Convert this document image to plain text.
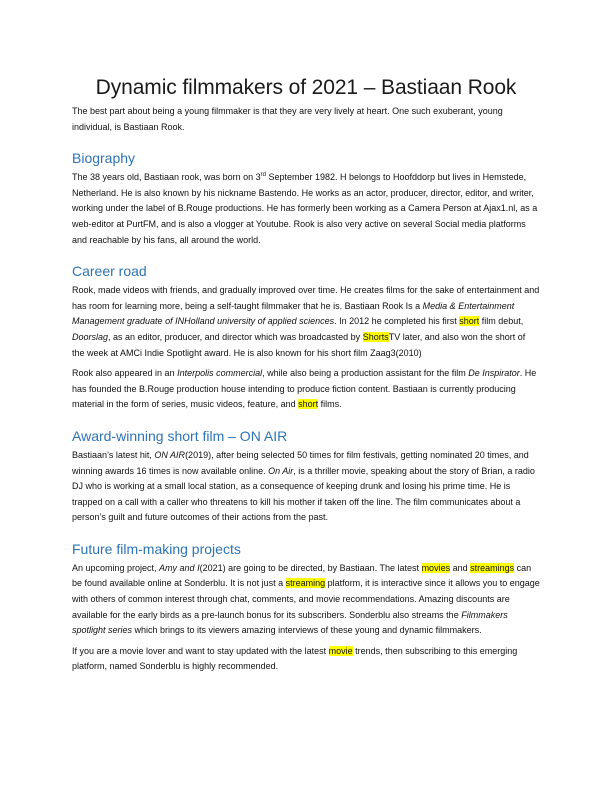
Dynamic filmmakers of 2021 – Bastiaan Rook

The best part about being a young filmmaker is that they are very lively at heart. One such exuberant, young individual, is Bastiaan Rook.

Biography

The 38 years old, Bastiaan rook, was born on 3rd September 1982. H belongs to Hoofddorp but lives in Hemstede, Netherland. He is also known by his nickname Bastendo. He works as an actor, producer, director, editor, and writer, working under the label of B.Rouge productions. He has formerly been working as a Camera Person at Ajax1.nl, as a web-editor at PurtFM, and is also a vlogger at Youtube. Rook is also very active on several Social media platforms and reachable by his fans, all around the world.

Career road

Rook, made videos with friends, and gradually improved over time. He creates films for the sake of entertainment and has room for learning more, being a self-taught filmmaker that he is. Bastiaan Rook Is a Media & Entertainment Management graduate of INHolland university of applied sciences. In 2012 he completed his first short film debut, Doorslag, as an editor, producer, and director which was broadcasted by ShortsTV later, and also won the short of the week at AMCi Indie Spotlight award. He is also known for his short film Zaag3(2010)

Rook also appeared in an Interpolis commercial, while also being a production assistant for the film De Inspirator. He has founded the B.Rouge production house intending to produce fiction content. Bastiaan is currently producing material in the form of series, music videos, feature, and short films.

Award-winning short film – ON AIR

Bastiaan’s latest hit, ON AIR(2019), after being selected 50 times for film festivals, getting nominated 20 times, and winning awards 16 times is now available online. On Air, is a thriller movie, speaking about the story of Brian, a radio DJ who is working at a small local station, as a consequence of keeping drunk and losing his prime time. He is trapped on a call with a caller who threatens to kill his mother if taken off the line. The film communicates about a person’s guilt and future outcomes of their actions from the past.

Future film-making projects

An upcoming project, Amy and I(2021) are going to be directed, by Bastiaan. The latest movies and streamings can be found available online at Sonderblu. It is not just a streaming platform, it is interactive since it allows you to engage with others of common interest through chat, comments, and movie recommendations. Amazing discounts are available for the early birds as a pre-launch bonus for its subscribers. Sonderblu also streams the Filmmakers spotlight series which brings to its viewers amazing interviews of these young and dynamic filmmakers.

If you are a movie lover and want to stay updated with the latest movie trends, then subscribing to this emerging platform, named Sonderblu is highly recommended.
